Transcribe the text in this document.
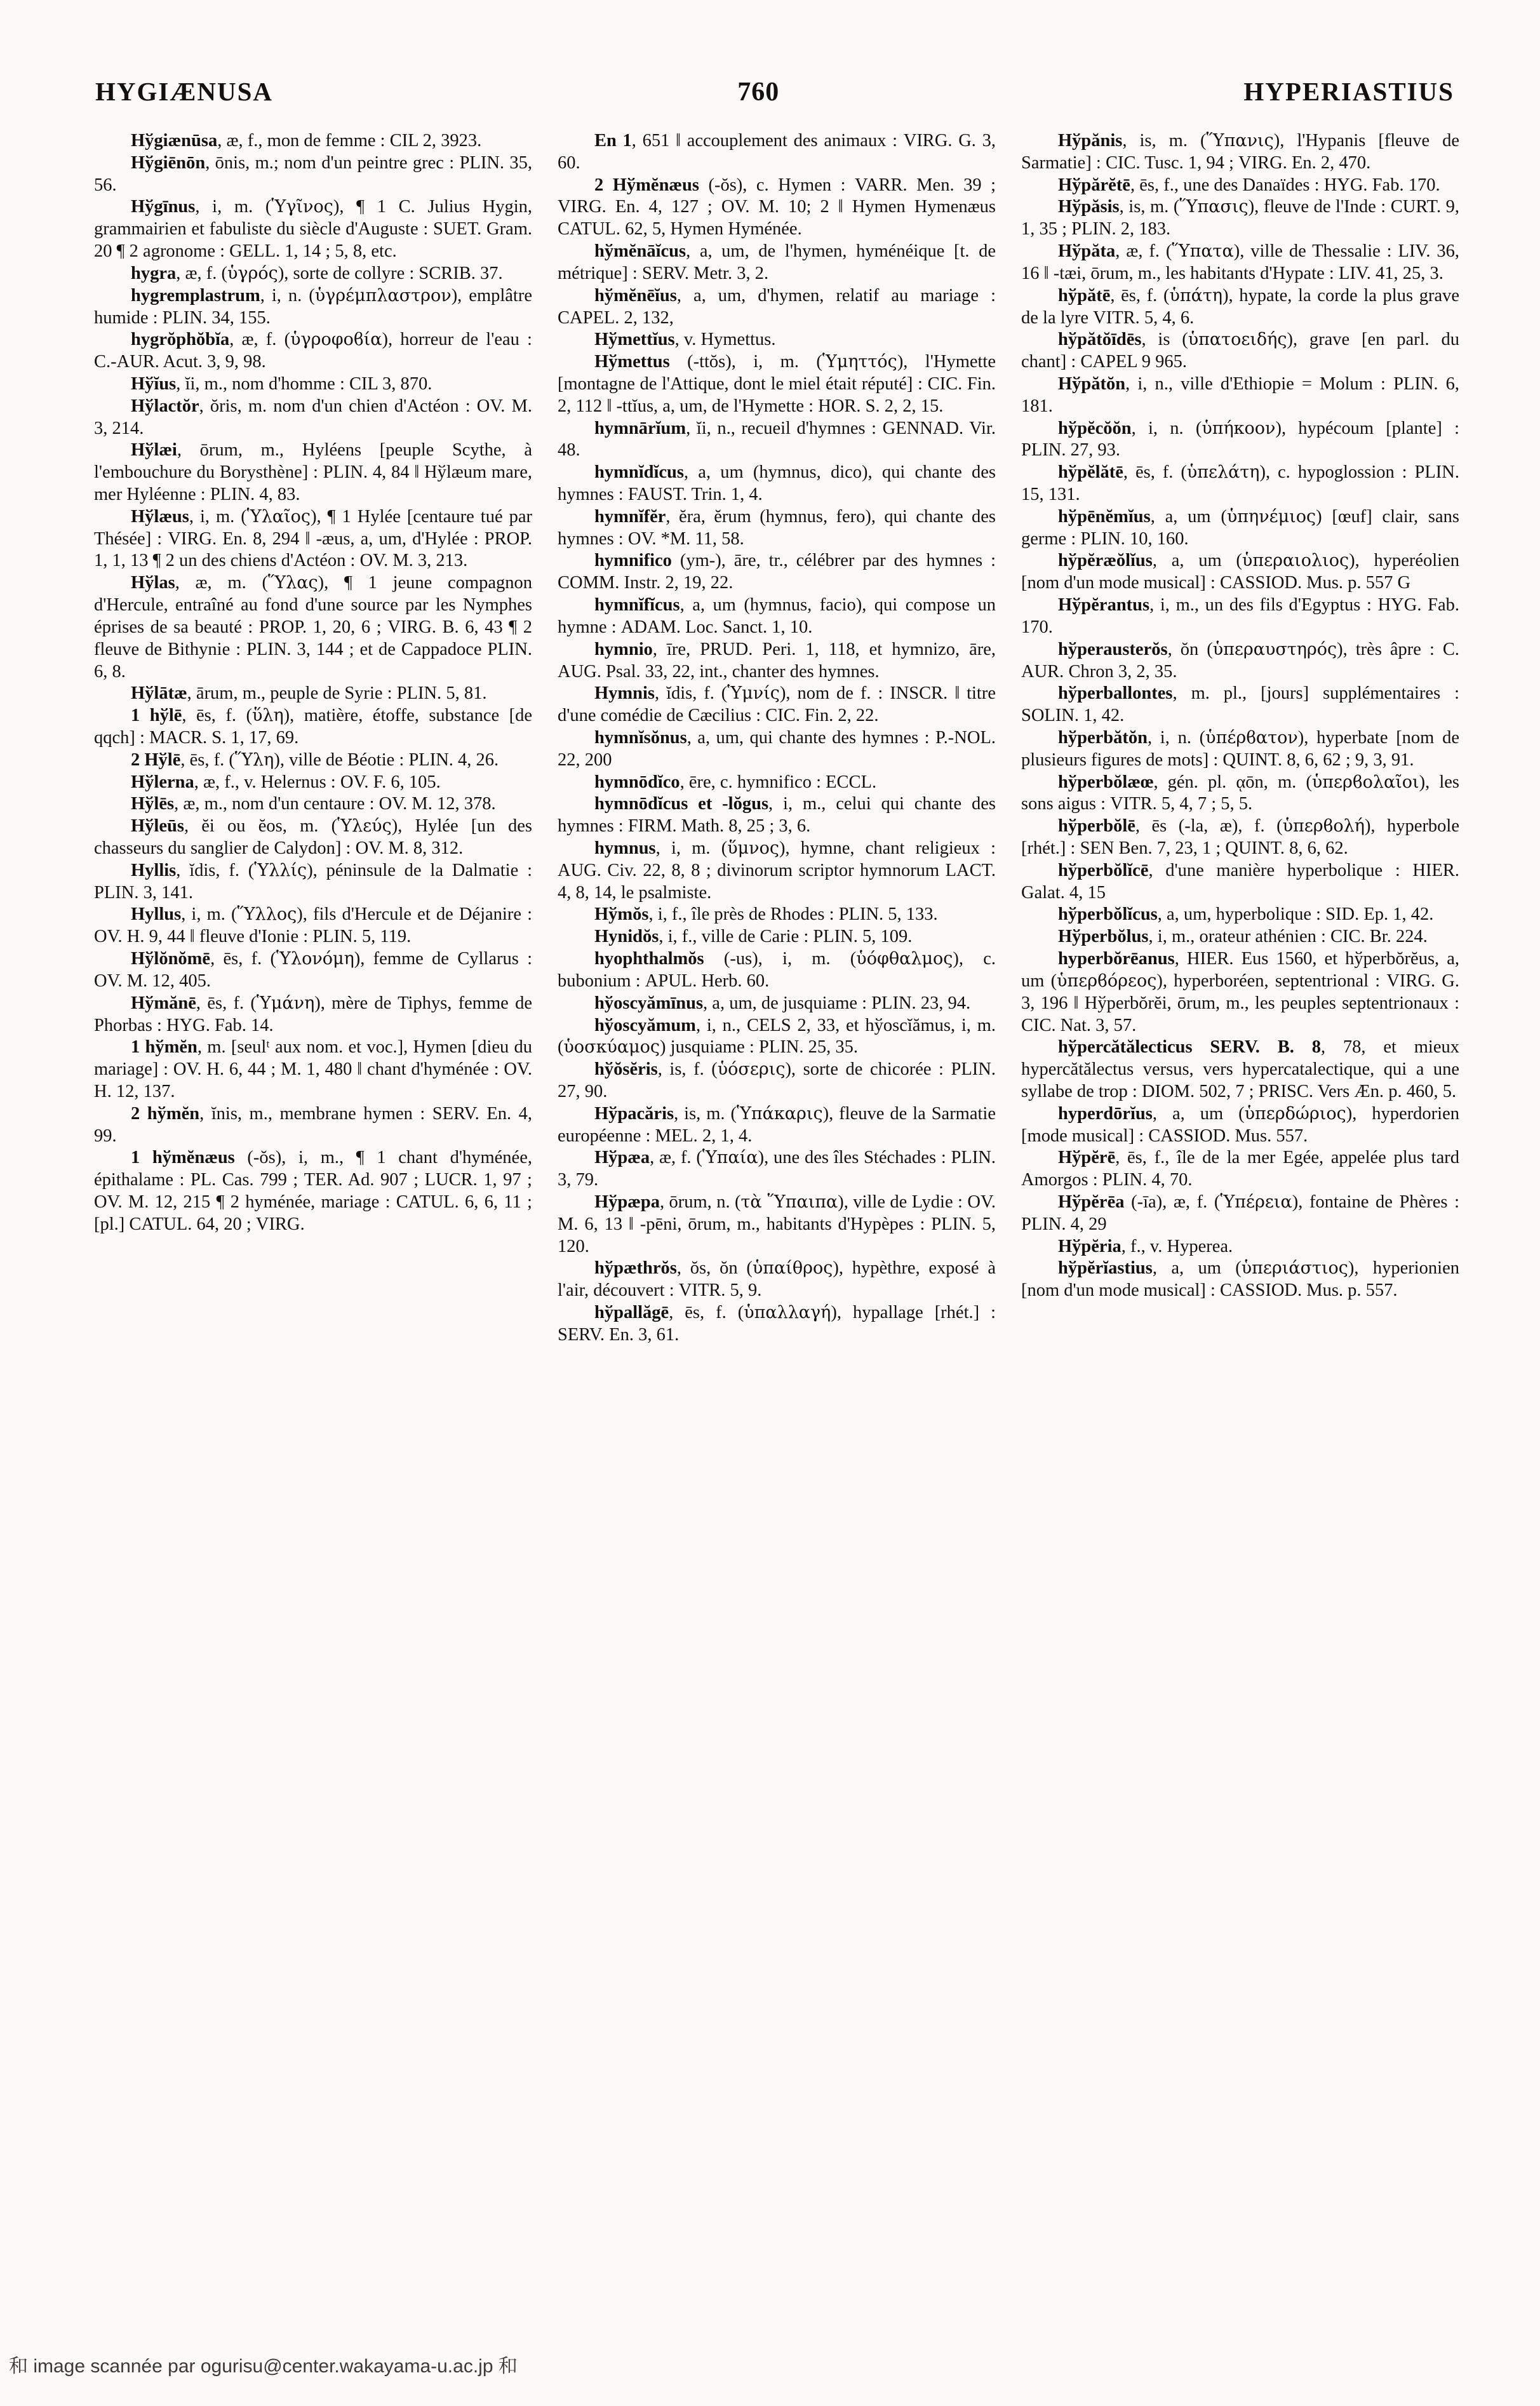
HYGIÆNUSA	760	HYPERIASTIUS

Hўgiænūsa, æ, f., mon de femme : CIL 2, 3923.

Hўgiēnōn, ōnis, m.; nom d'un peintre grec : PLIN. 35, 56.

Hўgīnus, i, m. (Ὑγῖνος), ¶ 1 C. Julius Hygin, grammairien et fabuliste du siècle d'Auguste : SUET. Gram. 20 ¶ 2 agronome : GELL. 1, 14 ; 5, 8, etc.

hygra, æ, f. (ὑγρός), sorte de collyre : SCRIB. 37.

hygremplastrum, i, n. (ὑγρέμπλαστρον), emplâtre humide : PLIN. 34, 155.

hygrŏphŏbĭa, æ, f. (ὑγροφοϐία), horreur de l'eau : C.-AUR. Acut. 3, 9, 98.

Hўĭus, ĭi, m., nom d'homme : CIL 3, 870.

Hўlactŏr, ŏris, m. nom d'un chien d'Actéon : OV. M. 3, 214.

Hўlæi, ōrum, m., Hyléens [peuple Scythe, à l'embouchure du Borysthène] : PLIN. 4, 84 ‖ Hўlæum mare, mer Hyléenne : PLIN. 4, 83.

Hўlæus, i, m. (Ὑλαῖος), ¶ 1 Hylée [centaure tué par Thésée] : VIRG. En. 8, 294 ‖ -æus, a, um, d'Hylée : PROP. 1, 1, 13 ¶ 2 un des chiens d'Actéon : OV. M. 3, 213.

Hўlas, æ, m. (Ὕλας), ¶ 1 jeune compagnon d'Hercule, entraîné au fond d'une source par les Nymphes éprises de sa beauté : PROP. 1, 20, 6 ; VIRG. B. 6, 43 ¶ 2 fleuve de Bithynie : PLIN. 3, 144 ; et de Cappadoce PLIN. 6, 8.

Hўlātæ, ārum, m., peuple de Syrie : PLIN. 5, 81.

1 hўlē, ēs, f. (ὕλη), matière, étoffe, substance [de qqch] : MACR. S. 1, 17, 69.

2 Hўlē, ēs, f. (Ὕλη), ville de Béotie : PLIN. 4, 26.

Hўlerna, æ, f., v. Helernus : OV. F. 6, 105.

Hўlēs, æ, m., nom d'un centaure : OV. M. 12, 378.

Hўleūs, ĕi ou ĕos, m. (Ὑλεύς), Hylée [un des chasseurs du sanglier de Calydon] : OV. M. 8, 312.

Hyllis, ĭdis, f. (Ὑλλίς), péninsule de la Dalmatie : PLIN. 3, 141.

Hyllus, i, m. (Ὕλλος), fils d'Hercule et de Déjanire : OV. H. 9, 44 ‖ fleuve d'Ionie : PLIN. 5, 119.

Hўlŏnŏmē, ēs, f. (Ὑλονόμη), femme de Cyllarus : OV. M. 12, 405.

Hўmănē, ēs, f. (Ὑμάνη), mère de Tiphys, femme de Phorbas : HYG. Fab. 14.

1 hўmĕn, m. [seulᵗ aux nom. et voc.], Hymen [dieu du mariage] : OV. H. 6, 44 ; M. 1, 480 ‖ chant d'hyménée : OV. H. 12, 137.

2 hўmĕn, ĭnis, m., membrane hymen : SERV. En. 4, 99.

1 hўmĕnæus (-ŏs), i, m., ¶ 1 chant d'hyménée, épithalame : PL. Cas. 799 ; TER. Ad. 907 ; LUCR. 1, 97 ; OV. M. 12, 215 ¶ 2 hyménée, mariage : CATUL. 6, 6, 11 ; [pl.] CATUL. 64, 20 ; VIRG.

En 1, 651 ‖ accouplement des animaux : VIRG. G. 3, 60.

2 Hўmĕnæus (-ŏs), c. Hymen : VARR. Men. 39 ; VIRG. En. 4, 127 ; OV. M. 10; 2 ‖ Hymen Hymenæus CATUL. 62, 5, Hymen Hyménée.

hўmĕnāĭcus, a, um, de l'hymen, hyménéique [t. de métrique] : SERV. Metr. 3, 2.

hўmĕnēĭus, a, um, d'hymen, relatif au mariage : CAPEL. 2, 132,

Hўmettĭus, v. Hymettus.

Hўmettus (-ttŏs), i, m. (Ὑμηττός), l'Hymette [montagne de l'Attique, dont le miel était réputé] : CIC. Fin. 2, 112 ‖ -ttĭus, a, um, de l'Hymette : HOR. S. 2, 2, 15.

hymnārĭum, ĭi, n., recueil d'hymnes : GENNAD. Vir. 48.

hymnĭdĭcus, a, um (hymnus, dico), qui chante des hymnes : FAUST. Trin. 1, 4.

hymnĭfĕr, ĕra, ĕrum (hymnus, fero), qui chante des hymnes : OV. *M. 11, 58.

hymnifico (ym-), āre, tr., célébrer par des hymnes : COMM. Instr. 2, 19, 22.

hymnĭfĭcus, a, um (hymnus, facio), qui compose un hymne : ADAM. Loc. Sanct. 1, 10.

hymnio, īre, PRUD. Peri. 1, 118, et hymnizo, āre, AUG. Psal. 33, 22, int., chanter des hymnes.

Hymnis, ĭdis, f. (Ὑμνίς), nom de f. : INSCR. ‖ titre d'une comédie de Cæcilius : CIC. Fin. 2, 22.

hymnĭsŏnus, a, um, qui chante des hymnes : P.-NOL. 22, 200

hymnōdĭco, ēre, c. hymnifico : ECCL.

hymnōdĭcus et -lŏgus, i, m., celui qui chante des hymnes : FIRM. Math. 8, 25 ; 3, 6.

hymnus, i, m. (ὕμνος), hymne, chant religieux : AUG. Civ. 22, 8, 8 ; divinorum scriptor hymnorum LACT. 4, 8, 14, le psalmiste.

Hўmŏs, i, f., île près de Rhodes : PLIN. 5, 133.

Hynidŏs, i, f., ville de Carie : PLIN. 5, 109.

hyophthalmŏs (-us), i, m. (ὑόφθαλμος), c. bubonium : APUL. Herb. 60.

hўoscyămīnus, a, um, de jusquiame : PLIN. 23, 94.

hўoscyămum, i, n., CELS 2, 33, et hўoscĭămus, i, m. (ὑοσκύαμος) jusquiame : PLIN. 25, 35.

hўŏsĕris, is, f. (ὑόσερις), sorte de chicorée : PLIN. 27, 90.

Hўpacăris, is, m. (Ὑπάκαρις), fleuve de la Sarmatie européenne : MEL. 2, 1, 4.

Hўpæa, æ, f. (Ὑπαία), une des îles Stéchades : PLIN. 3, 79.

Hўpæpa, ōrum, n. (τὰ Ὕπαιπα), ville de Lydie : OV. M. 6, 13 ‖ -pēni, ōrum, m., habitants d'Hypèpes : PLIN. 5, 120.

hўpæthrŏs, ŏs, ŏn (ὑπαίθρος), hypèthre, exposé à l'air, découvert : VITR. 5, 9.

hўpallăgē, ēs, f. (ὑπαλλαγή), hypallage [rhét.] : SERV. En. 3, 61.

Hўpănis, is, m. (Ὕπανις), l'Hypanis [fleuve de Sarmatie] : CIC. Tusc. 1, 94 ; VIRG. En. 2, 470.

Hўpărĕtē, ēs, f., une des Danaïdes : HYG. Fab. 170.

Hўpăsis, is, m. (Ὕπασις), fleuve de l'Inde : CURT. 9, 1, 35 ; PLIN. 2, 183.

Hўpăta, æ, f. (Ὕπατα), ville de Thessalie : LIV. 36, 16 ‖ -tæi, ōrum, m., les habitants d'Hypate : LIV. 41, 25, 3.

hўpătē, ēs, f. (ὑπάτη), hypate, la corde la plus grave de la lyre VITR. 5, 4, 6.

hўpătŏīdēs, is (ὑπατοειδής), grave [en parl. du chant] : CAPEL 9 965.

Hўpătŏn, i, n., ville d'Ethiopie = Molum : PLIN. 6, 181.

hўpĕcŏŏn, i, n. (ὑπήκοον), hypécoum [plante] : PLIN. 27, 93.

hўpĕlătē, ēs, f. (ὑπελάτη), c. hypoglossion : PLIN. 15, 131.

hўpēnĕmĭus, a, um (ὑπηνέμιος) [œuf] clair, sans germe : PLIN. 10, 160.

hўpĕræŏlĭus, a, um (ὑπεραιολιος), hyperéolien [nom d'un mode musical] : CASSIOD. Mus. p. 557 G

Hўpĕrantus, i, m., un des fils d'Egyptus : HYG. Fab. 170.

hўperausterŏs, ŏn (ὑπεραυστηρός), très âpre : C. AUR. Chron 3, 2, 35.

hўperballontes, m. pl., [jours] supplémentaires : SOLIN. 1, 42.

hўperbătŏn, i, n. (ὑπέρϐατον), hyperbate [nom de plusieurs figures de mots] : QUINT. 8, 6, 62 ; 9, 3, 91.

hўperbŏlæœ, gén. pl. ᾳōn, m. (ὑπερϐολαῖοι), les sons aigus : VITR. 5, 4, 7 ; 5, 5.

hўperbŏlē, ēs (-la, æ), f. (ὑπερϐολή), hyperbole [rhét.] : SEN Ben. 7, 23, 1 ; QUINT. 8, 6, 62.

hўperbŏlĭcē, d'une manière hyperbolique : HIER. Galat. 4, 15

hўperbŏlĭcus, a, um, hyperbolique : SID. Ep. 1, 42.

Hўperbŏlus, i, m., orateur athénien : CIC. Br. 224.

hyperbŏrēanus, HIER. Eus 1560, et hўperbŏrĕus, a, um (ὑπερϐόρεος), hyperboréen, septentrional : VIRG. G. 3, 196 ‖ Hўperbŏrĕi, ōrum, m., les peuples septentrionaux : CIC. Nat. 3, 57.

hўpercătălecticus SERV. B. 8, 78, et mieux hypercătălectus versus, vers hypercatalectique, qui a une syllabe de trop : DIOM. 502, 7 ; PRISC. Vers Æn. p. 460, 5.

hyperdōrĭus, a, um (ὑπερδώριος), hyperdorien [mode musical] : CASSIOD. Mus. 557.

Hўpĕrē, ēs, f., île de la mer Egée, appelée plus tard Amorgos : PLIN. 4, 70.

Hўpĕrēa (-īa), æ, f. (Ὑπέρεια), fontaine de Phères : PLIN. 4, 29

Hўpĕria, f., v. Hyperea.

hўpĕrĭastius, a, um (ὑπεριάστιος), hyperionien [nom d'un mode musical] : CASSIOD. Mus. p. 557.

和 image scannée par ogurisu@center.wakayama-u.ac.jp 和
